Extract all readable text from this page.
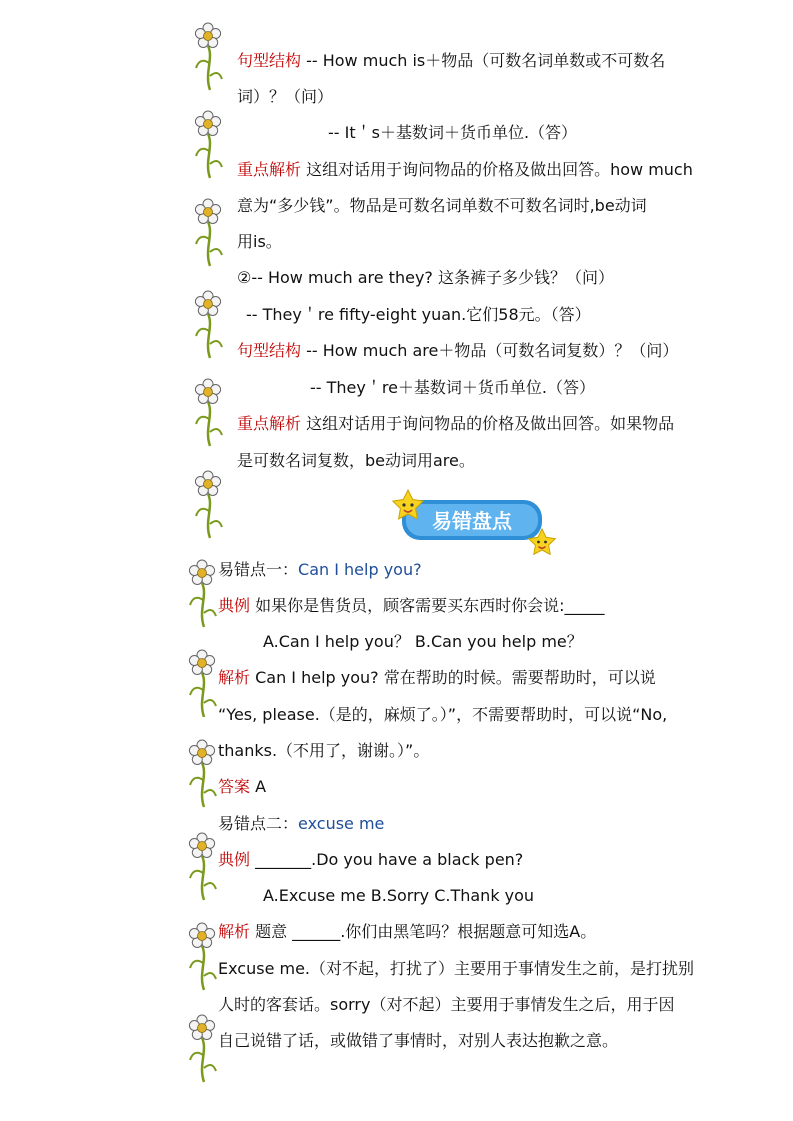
句型结构 -- How much is＋物品（可数名词单数或不可数名
词）？（问）
-- It＇s＋基数词＋货币单位.（答）
重点解析 这组对话用于询问物品的价格及做出回答。how much
意为“多少钱”。物品是可数名词单数不可数名词时,be动词
用is。
②-- How much are they? 这条裤子多少钱？（问）
-- They＇re fifty-eight yuan.它们58元。（答）
句型结构 -- How much are＋物品（可数名词复数）？（问）
-- They＇re＋基数词＋货币单位.（答）
重点解析 这组对话用于询问物品的价格及做出回答。如果物品
是可数名词复数，be动词用are。
易错盘点
易错点一：Can I help you?
典例 如果你是售货员，顾客需要买东西时你会说:_____
A.Can I help you？ B.Can you help me？
解析 Can I help you? 常在帮助的时候。需要帮助时，可以说
“Yes, please.（是的，麻烦了。）”，不需要帮助时，可以说“No,
thanks.（不用了，谢谢。）”。
答案 A
易错点二：excuse me
典例 _______.Do you have a black pen?
A.Excuse me B.Sorry C.Thank you
解析 题意 ______.你们由黑笔吗？根据题意可知选A。
Excuse me.（对不起，打扰了）主要用于事情发生之前，是打扰别
人时的客套话。sorry（对不起）主要用于事情发生之后，用于因
自己说错了话，或做错了事情时，对别人表达抱歉之意。
